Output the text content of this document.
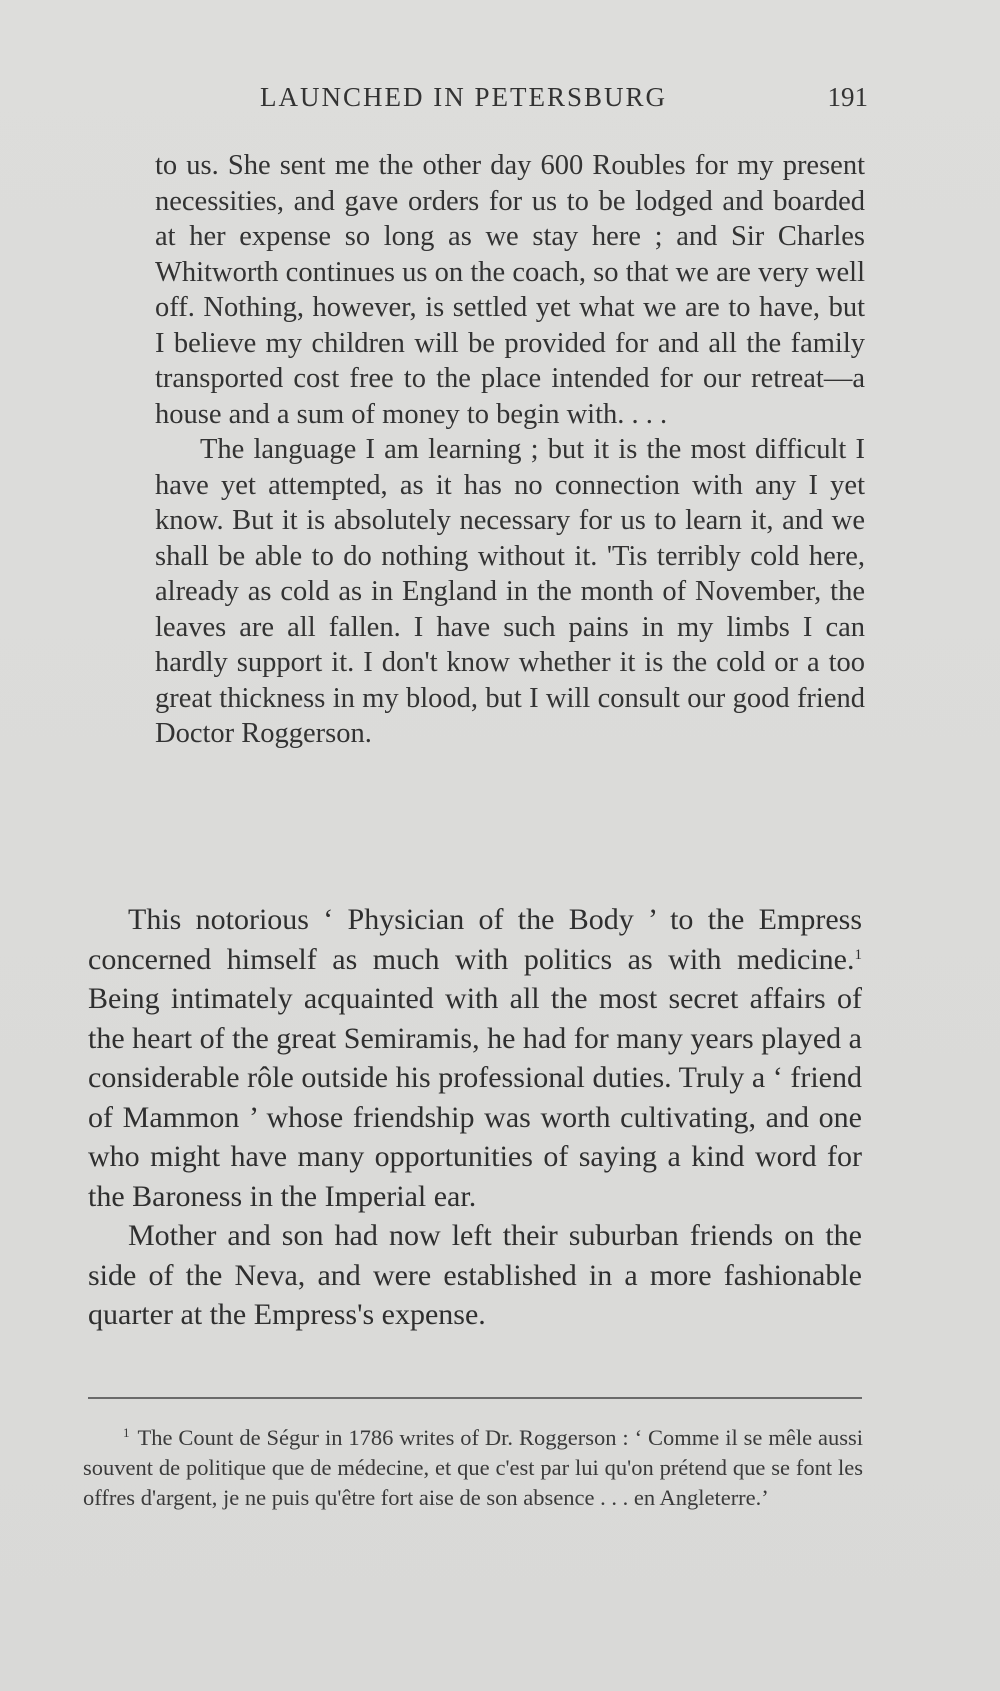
LAUNCHED IN PETERSBURG	191

to us. She sent me the other day 600 Roubles for my present necessities, and gave orders for us to be lodged and boarded at her expense so long as we stay here ; and Sir Charles Whitworth continues us on the coach, so that we are very well off. Nothing, however, is settled yet what we are to have, but I believe my children will be provided for and all the family transported cost free to the place intended for our retreat—a house and a sum of money to begin with. . . .

The language I am learning ; but it is the most difficult I have yet attempted, as it has no connection with any I yet know. But it is absolutely necessary for us to learn it, and we shall be able to do nothing without it. 'Tis terribly cold here, already as cold as in England in the month of November, the leaves are all fallen. I have such pains in my limbs I can hardly support it. I don't know whether it is the cold or a too great thickness in my blood, but I will consult our good friend Doctor Roggerson.

This notorious ‘ Physician of the Body ’ to the Empress concerned himself as much with politics as with medicine.$^1$ Being intimately acquainted with all the most secret affairs of the heart of the great Semiramis, he had for many years played a considerable rôle outside his professional duties. Truly a ‘ friend of Mammon ’ whose friendship was worth cultivating, and one who might have many opportunities of saying a kind word for the Baroness in the Imperial ear.

Mother and son had now left their suburban friends on the side of the Neva, and were established in a more fashionable quarter at the Empress's expense.

$^1$ The Count de Ségur in 1786 writes of Dr. Roggerson : ‘ Comme il se mêle aussi souvent de politique que de médecine, et que c'est par lui qu'on prétend que se font les offres d'argent, je ne puis qu'être fort aise de son absence . . . en Angleterre.’
